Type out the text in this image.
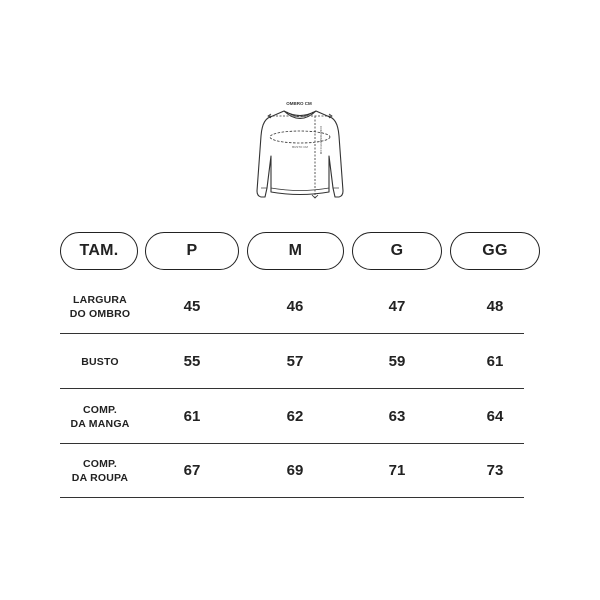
OMBRO CM
BUSTO CM	COMPRIMENTO CM
TAM.	P	M	G	GG
LARGURA
DO OMBRO	45	46	47	48
BUSTO	55	57	59	61
COMP.
DA MANGA	61	62	63	64
COMP.
DA ROUPA	67	69	71	73
